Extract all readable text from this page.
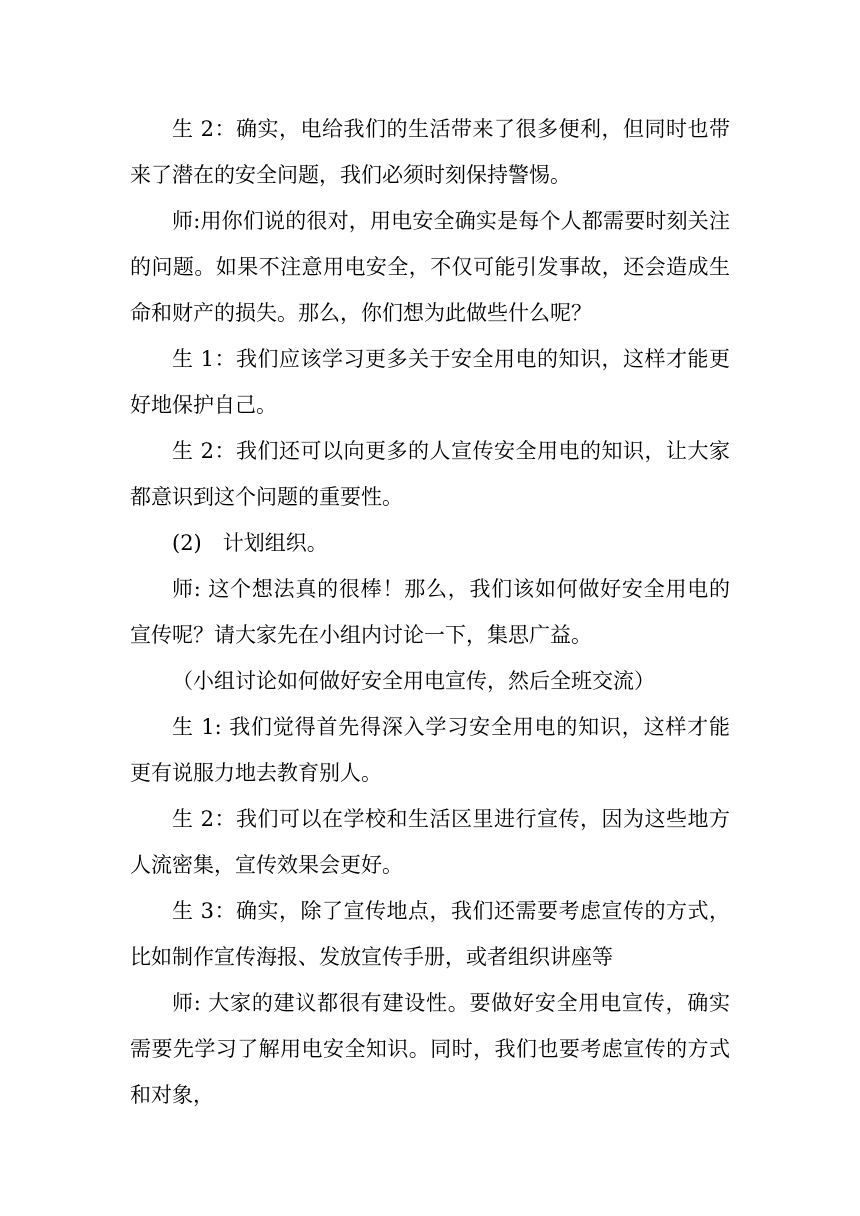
生 2：确实，电给我们的生活带来了很多便利，但同时也带来了潜在的安全问题，我们必须时刻保持警惕。

师:用你们说的很对，用电安全确实是每个人都需要时刻关注的问题。如果不注意用电安全，不仅可能引发事故，还会造成生命和财产的损失。那么，你们想为此做些什么呢？

生 1：我们应该学习更多关于安全用电的知识，这样才能更好地保护自己。

生 2：我们还可以向更多的人宣传安全用电的知识，让大家都意识到这个问题的重要性。

(2)　计划组织。

师: 这个想法真的很棒！那么，我们该如何做好安全用电的宣传呢？请大家先在小组内讨论一下，集思广益。

（小组讨论如何做好安全用电宣传，然后全班交流）

生 1: 我们觉得首先得深入学习安全用电的知识，这样才能更有说服力地去教育别人。

生 2：我们可以在学校和生活区里进行宣传，因为这些地方人流密集，宣传效果会更好。

生 3：确实，除了宣传地点，我们还需要考虑宣传的方式，比如制作宣传海报、发放宣传手册，或者组织讲座等

师: 大家的建议都很有建设性。要做好安全用电宣传，确实需要先学习了解用电安全知识。同时，我们也要考虑宣传的方式和对象，
